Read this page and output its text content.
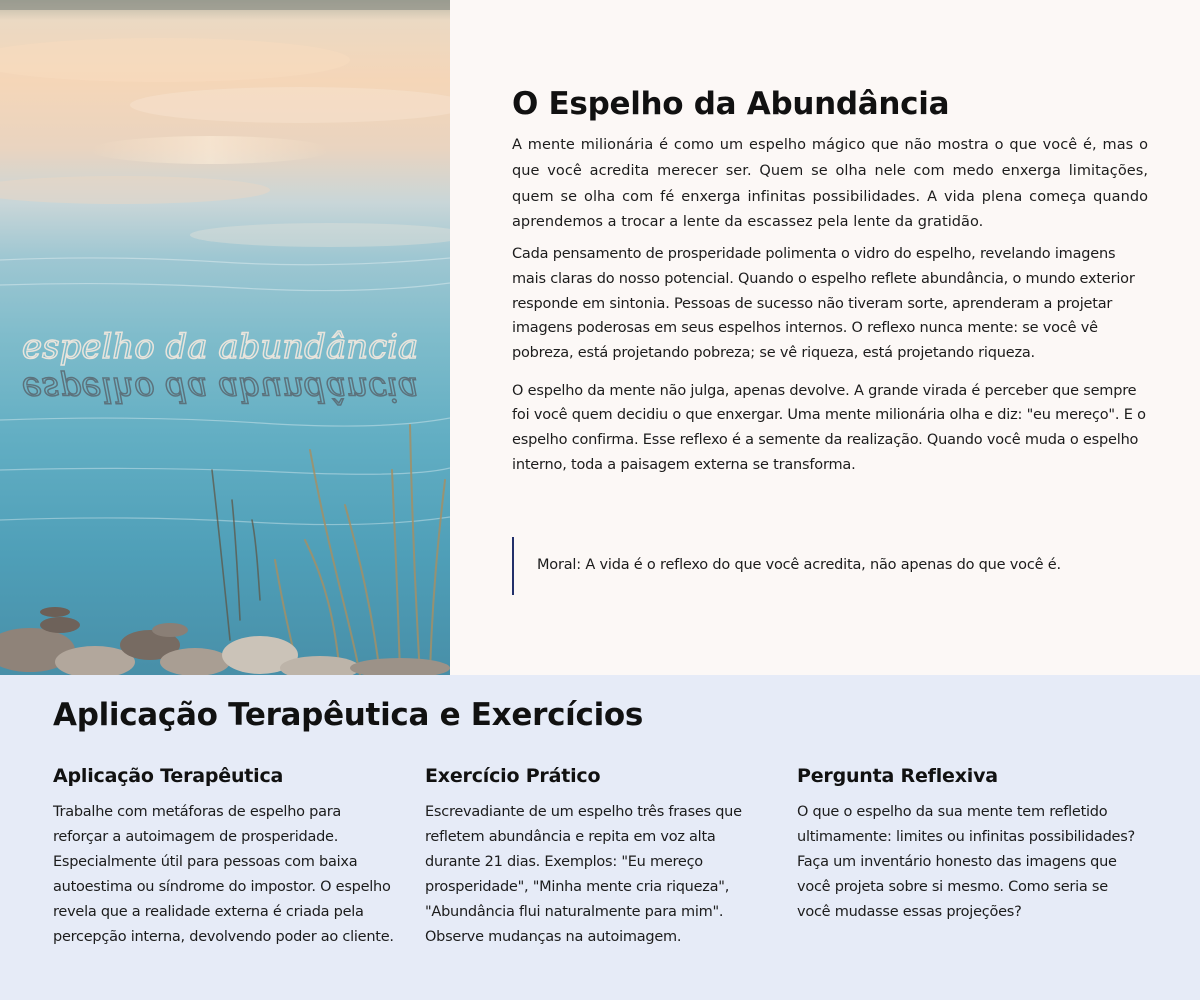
espelho da abundância
espelho da abundância
O Espelho da Abundância

A mente milionária é como um espelho mágico que não mostra o que você é, mas o que você acredita merecer ser. Quem se olha nele com medo enxerga limitações, quem se olha com fé enxerga infinitas possibilidades. A vida plena começa quando aprendemos a trocar a lente da escassez pela lente da gratidão.

Cada pensamento de prosperidade polimenta o vidro do espelho, revelando imagens mais claras do nosso potencial. Quando o espelho reflete abundância, o mundo exterior responde em sintonia. Pessoas de sucesso não tiveram sorte, aprenderam a projetar imagens poderosas em seus espelhos internos. O reflexo nunca mente: se você vê pobreza, está projetando pobreza; se vê riqueza, está projetando riqueza.

O espelho da mente não julga, apenas devolve. A grande virada é perceber que sempre foi você quem decidiu o que enxergar. Uma mente milionária olha e diz: "eu mereço". E o espelho confirma. Esse reflexo é a semente da realização. Quando você muda o espelho interno, toda a paisagem externa se transforma.

Moral: A vida é o reflexo do que você acredita, não apenas do que você é.
Aplicação Terapêutica e Exercícios
Aplicação Terapêutica

Trabalhe com metáforas de espelho para reforçar a autoimagem de prosperidade. Especialmente útil para pessoas com baixa autoestima ou síndrome do impostor. O espelho revela que a realidade externa é criada pela percepção interna, devolvendo poder ao cliente.

Exercício Prático

Escrevadiante de um espelho três frases que refletem abundância e repita em voz alta durante 21 dias. Exemplos: "Eu mereço prosperidade", "Minha mente cria riqueza", "Abundância flui naturalmente para mim". Observe mudanças na autoimagem.

Pergunta Reflexiva

O que o espelho da sua mente tem refletido ultimamente: limites ou infinitas possibilidades? Faça um inventário honesto das imagens que você projeta sobre si mesmo. Como seria se você mudasse essas projeções?
